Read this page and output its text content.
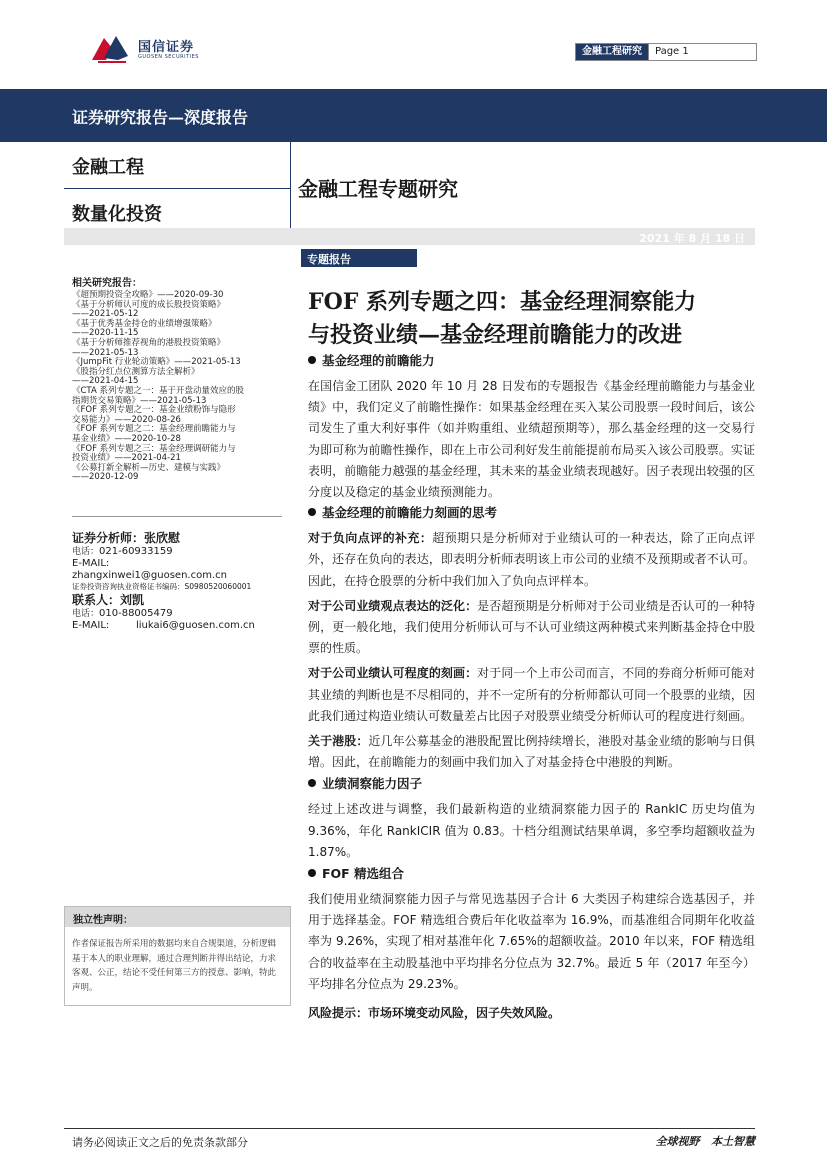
国信证券
GUOSEN SECURITIES	金融工程研究 Page 1
证券研究报告—深度报告
金融工程
数量化投资
金融工程专题研究
2021 年 8 月 18 日
专题报告
FOF 系列专题之四：基金经理洞察能力
与投资业绩—基金经理前瞻能力的改进
相关研究报告：
《超预期投资全攻略》——2020-09-30
《基于分析师认可度的成长股投资策略》
——2021-05-12
《基于优秀基金持仓的业绩增强策略》
——2020-11-15
《基于分析师推荐视角的港股投资策略》
——2021-05-13
《JumpFit 行业轮动策略》——2021-05-13
《股指分红点位测算方法全解析》
——2021-04-15
《CTA 系列专题之一：基于开盘动量效应的股
指期货交易策略》——2021-05-13
《FOF 系列专题之一：基金业绩粉饰与隐形
交易能力》——2020-08-26
《FOF 系列专题之二：基金经理前瞻能力与
基金业绩》——2020-10-28
《FOF 系列专题之三：基金经理调研能力与
投资业绩》——2021-04-21
《公募打新全解析—历史、建模与实践》
——2020-12-09
证券分析师：张欣慰
电话：021-60933159
E-MAIL:zhangxinwei1@guosen.com.cn
证券投资咨询执业资格证书编码：S0980520060001
联系人：刘凯
电话：010-88005479
E-MAIL:	liukai6@guosen.com.cn
独立性声明：
作者保证报告所采用的数据均来自合规渠道，分析逻辑基于本人的职业理解，通过合理判断并得出结论，力求客观、公正，结论不受任何第三方的授意、影响，特此声明。
基金经理的前瞻能力

在国信金工团队 2020 年 10 月 28 日发布的专题报告《基金经理前瞻能力与基金业绩》中，我们定义了前瞻性操作：如果基金经理在买入某公司股票一段时间后，该公司发生了重大利好事件（如并购重组、业绩超预期等），那么基金经理的这一交易行为即可称为前瞻性操作，即在上市公司利好发生前能提前布局买入该公司股票。实证表明，前瞻能力越强的基金经理，其未来的基金业绩表现越好。因子表现出较强的区分度以及稳定的基金业绩预测能力。

基金经理的前瞻能力刻画的思考

对于负向点评的补充：超预期只是分析师对于业绩认可的一种表达，除了正向点评外，还存在负向的表达，即表明分析师表明该上市公司的业绩不及预期或者不认可。因此，在持仓股票的分析中我们加入了负向点评样本。

对于公司业绩观点表达的泛化：是否超预期是分析师对于公司业绩是否认可的一种特例，更一般化地，我们使用分析师认可与不认可业绩这两种模式来判断基金持仓中股票的性质。

对于公司业绩认可程度的刻画：对于同一个上市公司而言，不同的券商分析师可能对其业绩的判断也是不尽相同的，并不一定所有的分析师都认可同一个股票的业绩，因此我们通过构造业绩认可数量差占比因子对股票业绩受分析师认可的程度进行刻画。

关于港股：近几年公募基金的港股配置比例持续增长，港股对基金业绩的影响与日俱增。因此，在前瞻能力的刻画中我们加入了对基金持仓中港股的判断。

业绩洞察能力因子

经过上述改进与调整，我们最新构造的业绩洞察能力因子的 RankIC 历史均值为 9.36%，年化 RankICIR 值为 0.83。十档分组测试结果单调，多空季均超额收益为 1.87%。

FOF 精选组合

我们使用业绩洞察能力因子与常见选基因子合计 6 大类因子构建综合选基因子，并用于选择基金。FOF 精选组合费后年化收益率为 16.9%，而基准组合同期年化收益率为 9.26%，实现了相对基准年化 7.65%的超额收益。2010 年以来，FOF 精选组合的收益率在主动股基池中平均排名分位点为 32.7%。最近 5 年（2017 年至今）平均排名分位点为 29.23%。

风险提示：市场环境变动风险，因子失效风险。

请务必阅读正文之后的免责条款部分	全球视野   本土智慧
